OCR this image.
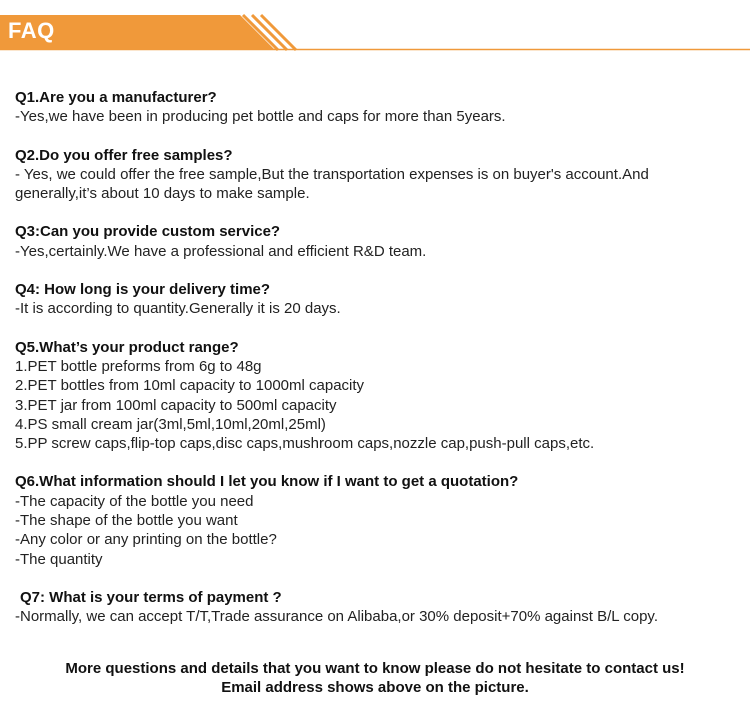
FAQ
Q1.Are you a manufacturer?
-Yes,we have been in producing pet bottle and caps for more than 5years.
Q2.Do you offer free samples?
- Yes, we could offer the free sample,But the transportation expenses is on buyer's account.And
generally,it’s about 10 days to make sample.
Q3:Can you provide custom service?
-Yes,certainly.We have a professional and efficient R&D team.
Q4: How long is your delivery time?
-It is according to quantity.Generally it is 20 days.
Q5.What’s your product range?
1.PET bottle preforms from 6g to 48g
2.PET bottles from 10ml capacity to 1000ml capacity
3.PET jar from 100ml capacity to 500ml capacity
4.PS small cream jar(3ml,5ml,10ml,20ml,25ml)
5.PP screw caps,flip-top caps,disc caps,mushroom caps,nozzle cap,push-pull caps,etc.
Q6.What information should I let you know if I want to get a quotation?
-The capacity of the bottle you need
-The shape of the bottle you want
-Any color or any printing on the bottle?
-The quantity
Q7: What is your terms of payment ?
-Normally, we can accept T/T,Trade assurance on Alibaba,or 30% deposit+70% against B/L copy.
More questions and details that you want to know please do not hesitate to contact us!
Email address shows above on the picture.
